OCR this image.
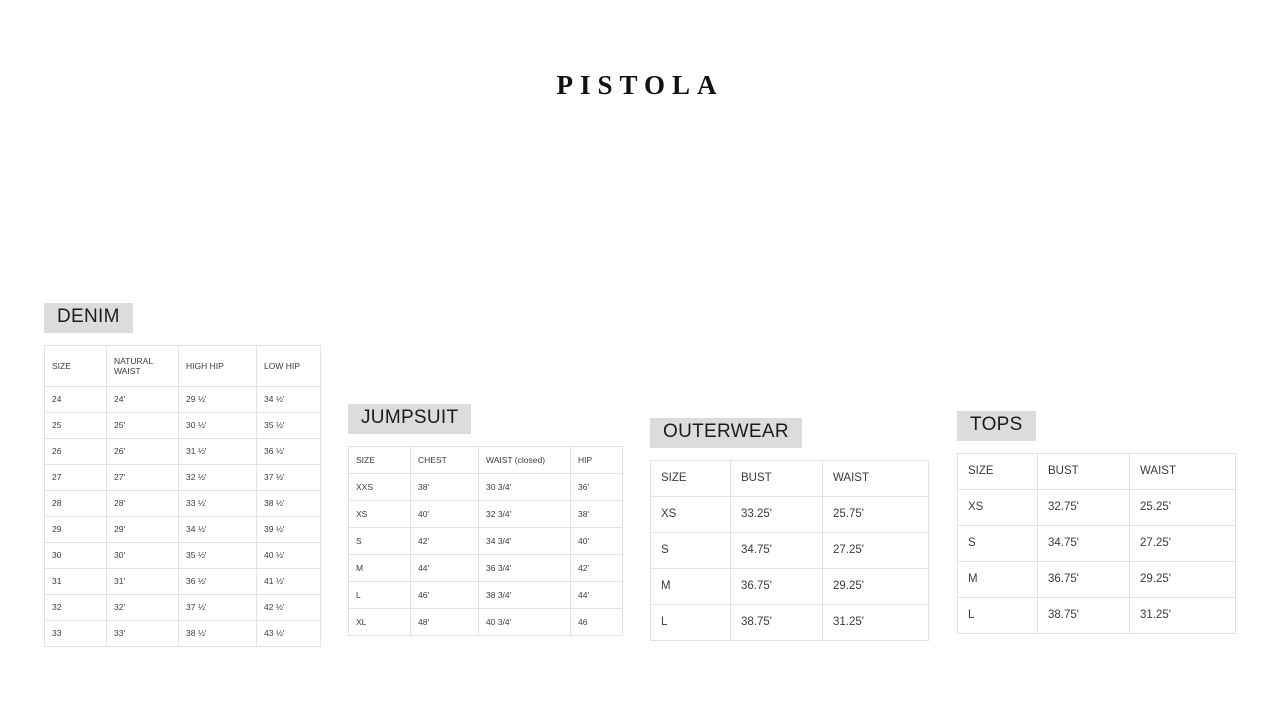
PISTOLA
DENIM
SIZE	NATURAL WAIST	HIGH HIP	LOW HIP
24	24'	29 ½'	34 ½'
25	25'	30 ½'	35 ½'
26	26'	31 ½'	36 ½'
27	27'	32 ½'	37 ½'
28	28'	33 ½'	38 ½'
29	29'	34 ½'	39 ½'
30	30'	35 ½'	40 ½'
31	31'	36 ½'	41 ½'
32	32'	37 ½'	42 ½'
33	33'	38 ½'	43 ½'
JUMPSUIT
SIZE	CHEST	WAIST (closed)	HIP
XXS	38'	30 3/4'	36'
XS	40'	32 3/4'	38'
S	42'	34 3/4'	40'
M	44'	36 3/4'	42'
L	46'	38 3/4'	44'
XL	48'	40 3/4'	46
OUTERWEAR
SIZE	BUST	WAIST
XS	33.25'	25.75'
S	34.75'	27.25'
M	36.75'	29.25'
L	38.75'	31.25'
TOPS
SIZE	BUST	WAIST
XS	32.75'	25.25'
S	34.75'	27.25'
M	36.75'	29.25'
L	38.75'	31.25'
